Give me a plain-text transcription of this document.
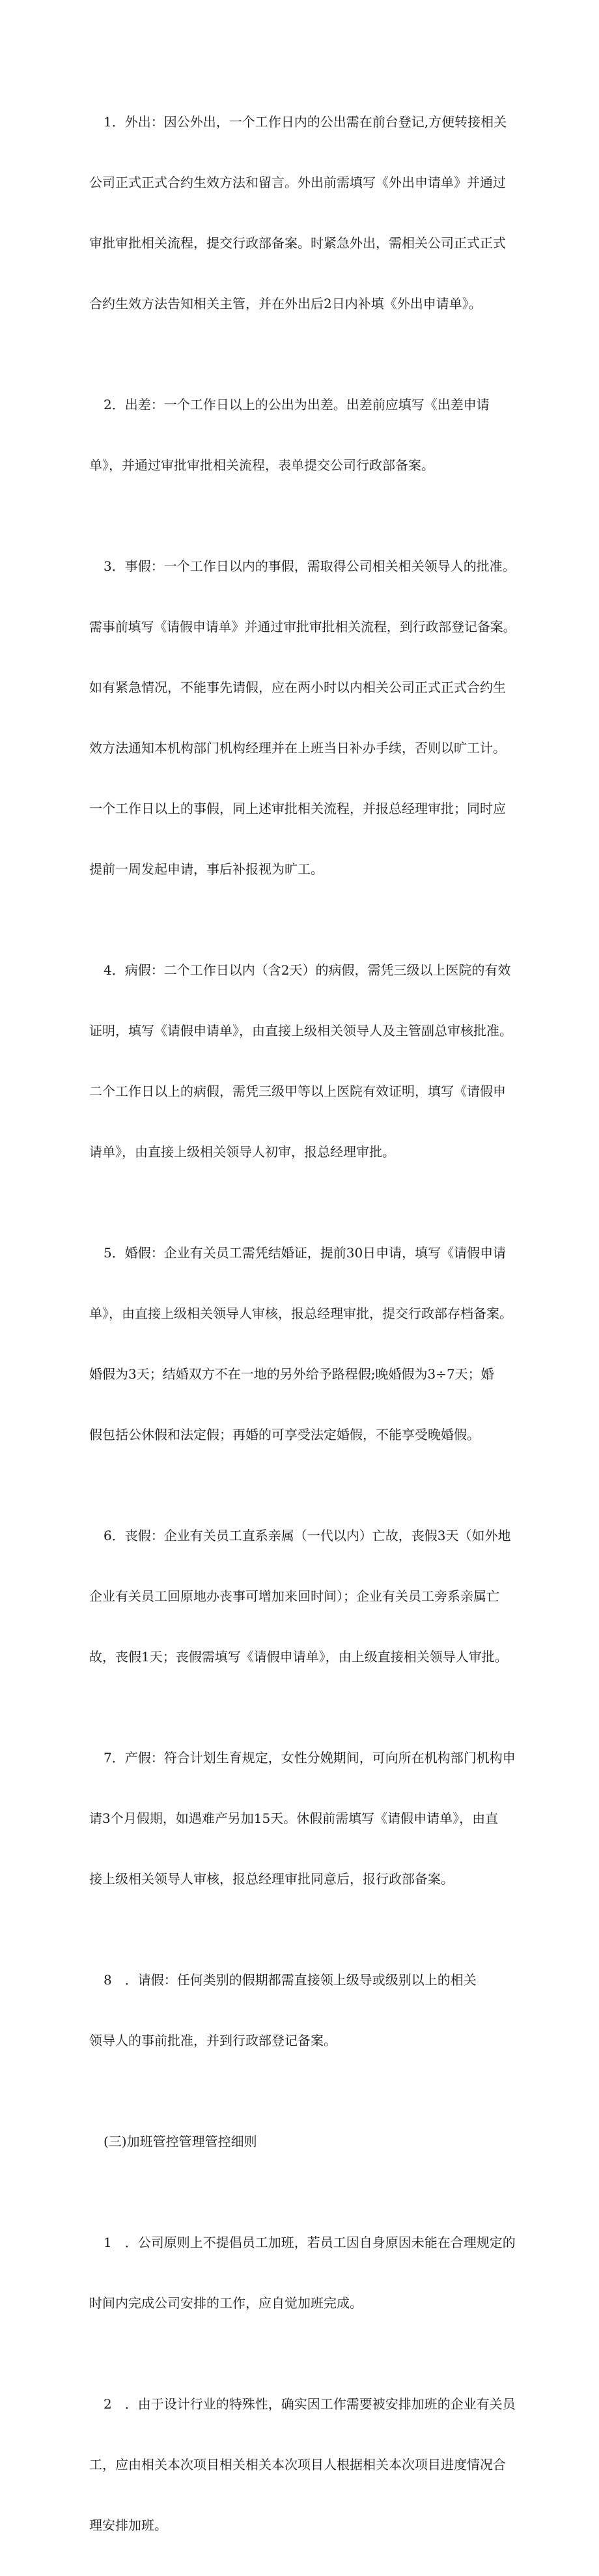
1．外出：因公外出，一个工作日内的公出需在前台登记,方便转接相关

公司正式正式合约生效方法和留言。外出前需填写《外出申请单》并通过

审批审批相关流程，提交行政部备案。时紧急外出，需相关公司正式正式

合约生效方法告知相关主管，并在外出后2日内补填《外出申请单》。

2．出差：一个工作日以上的公出为出差。出差前应填写《出差申请

单》，并通过审批审批相关流程，表单提交公司行政部备案。

3．事假：一个工作日以内的事假，需取得公司相关相关领导人的批准。

需事前填写《请假申请单》并通过审批审批相关流程，到行政部登记备案。

如有紧急情况，不能事先请假，应在两小时以内相关公司正式正式合约生

效方法通知本机构部门机构经理并在上班当日补办手续，否则以旷工计。

一个工作日以上的事假，同上述审批相关流程，并报总经理审批；同时应

提前一周发起申请，事后补报视为旷工。

4．病假：二个工作日以内（含2天）的病假，需凭三级以上医院的有效

证明，填写《请假申请单》，由直接上级相关领导人及主管副总审核批准。

二个工作日以上的病假，需凭三级甲等以上医院有效证明，填写《请假申

请单》，由直接上级相关领导人初审，报总经理审批。

5．婚假：企业有关员工需凭结婚证，提前30日申请，填写《请假申请

单》，由直接上级相关领导人审核，报总经理审批，提交行政部存档备案。

婚假为3天；结婚双方不在一地的另外给予路程假;晚婚假为3÷7天；婚

假包括公休假和法定假；再婚的可享受法定婚假，不能享受晚婚假。

6．丧假：企业有关员工直系亲属（一代以内）亡故，丧假3天（如外地

企业有关员工回原地办丧事可增加来回时间）；企业有关员工旁系亲属亡

故，丧假1天；丧假需填写《请假申请单》，由上级直接相关领导人审批。

7．产假：符合计划生育规定，女性分娩期间，可向所在机构部门机构申

请3个月假期，如遇难产另加15天。休假前需填写《请假申请单》，由直

接上级相关领导人审核，报总经理审批同意后，报行政部备案。

8　．请假：任何类别的假期都需直接领上级导或级别以上的相关

领导人的事前批准，并到行政部登记备案。

(三)加班管控管理管控细则

1　．公司原则上不提倡员工加班，若员工因自身原因未能在合理规定的

时间内完成公司安排的工作，应自觉加班完成。

2　．由于设计行业的特殊性，确实因工作需要被安排加班的企业有关员

工，应由相关本次项目相关相关本次项目人根据相关本次项目进度情况合

理安排加班。
